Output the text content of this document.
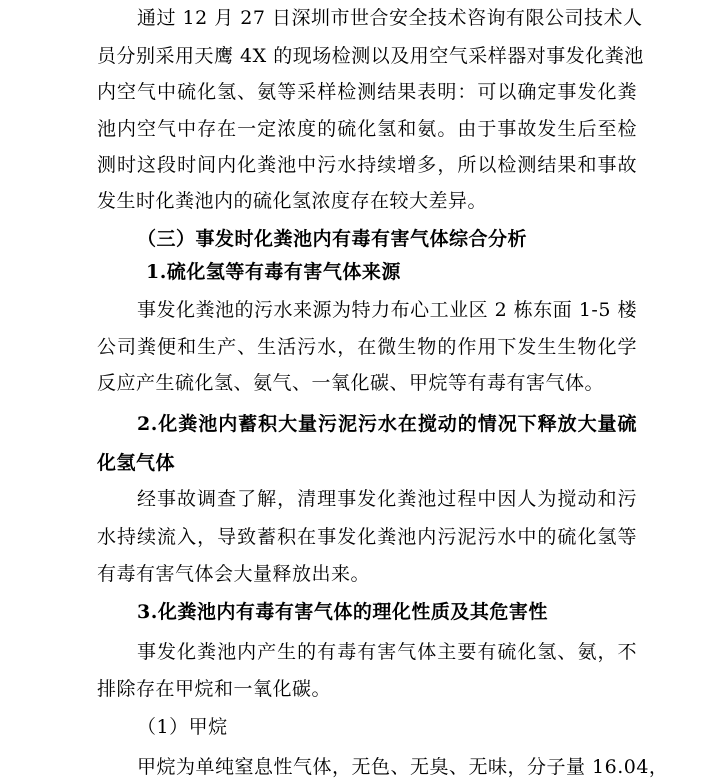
通过 12 月 27 日深圳市世合安全技术咨询有限公司技术人
员分别采用天鹰 4X 的现场检测以及用空气采样器对事发化粪池
内空气中硫化氢、氨等采样检测结果表明：可以确定事发化粪
池内空气中存在一定浓度的硫化氢和氨。由于事故发生后至检
测时这段时间内化粪池中污水持续增多，所以检测结果和事故
发生时化粪池内的硫化氢浓度存在较大差异。
（三）事发时化粪池内有毒有害气体综合分析
1.硫化氢等有毒有害气体来源
事发化粪池的污水来源为特力布心工业区 2 栋东面 1-5 楼
公司粪便和生产、生活污水，在微生物的作用下发生生物化学
反应产生硫化氢、氨气、一氧化碳、甲烷等有毒有害气体。
2.化粪池内蓄积大量污泥污水在搅动的情况下释放大量硫
化氢气体
经事故调查了解，清理事发化粪池过程中因人为搅动和污
水持续流入，导致蓄积在事发化粪池内污泥污水中的硫化氢等
有毒有害气体会大量释放出来。
3.化粪池内有毒有害气体的理化性质及其危害性
事发化粪池内产生的有毒有害气体主要有硫化氢、氨，不
排除存在甲烷和一氧化碳。
（1）甲烷
甲烷为单纯窒息性气体，无色、无臭、无味，分子量 16.04，
